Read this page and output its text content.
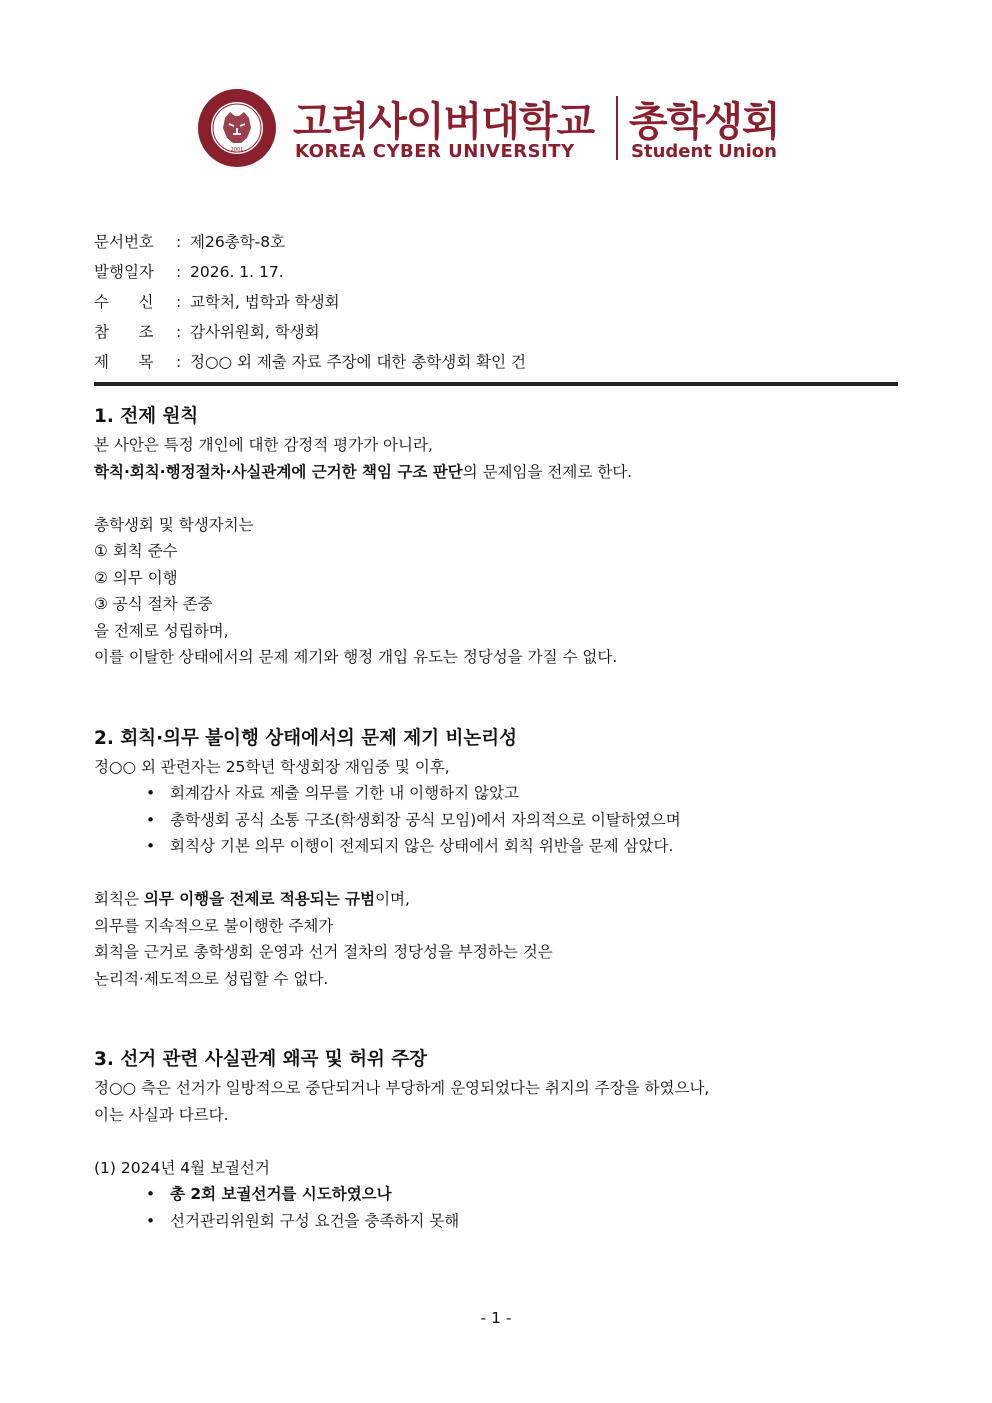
2001
고려사이버대학교
KOREA CYBER UNIVERSITY
총학생회
Student Union
문서번호 : 제26총학-8호
발행일자 : 2026. 1. 17.
수      신 : 교학처, 법학과 학생회
참      조 : 감사위원회, 학생회
제      목 : 정○○ 외 제출 자료 주장에 대한 총학생회 확인 건
1. 전제 원칙
본 사안은 특정 개인에 대한 감정적 평가가 아니라,
학칙·회칙·행정절차·사실관계에 근거한 책임 구조 판단의 문제임을 전제로 한다.
총학생회 및 학생자치는
① 회칙 준수
② 의무 이행
③ 공식 절차 존중
을 전제로 성립하며,
이를 이탈한 상태에서의 문제 제기와 행정 개입 유도는 정당성을 가질 수 없다.
2. 회칙·의무 불이행 상태에서의 문제 제기 비논리성
정○○ 외 관련자는 25학년 학생회장 재임중 및 이후,
• 회계감사 자료 제출 의무를 기한 내 이행하지 않았고
• 총학생회 공식 소통 구조(학생회장 공식 모임)에서 자의적으로 이탈하였으며
• 회칙상 기본 의무 이행이 전제되지 않은 상태에서 회칙 위반을 문제 삼았다.
회칙은 의무 이행을 전제로 적용되는 규범이며,
의무를 지속적으로 불이행한 주체가
회칙을 근거로 총학생회 운영과 선거 절차의 정당성을 부정하는 것은
논리적·제도적으로 성립할 수 없다.
3. 선거 관련 사실관계 왜곡 및 허위 주장
정○○ 측은 선거가 일방적으로 중단되거나 부당하게 운영되었다는 취지의 주장을 하였으나,
이는 사실과 다르다.
(1) 2024년 4월 보궐선거
• 총 2회 보궐선거를 시도하였으나
• 선거관리위원회 구성 요건을 충족하지 못해
- 1 -
